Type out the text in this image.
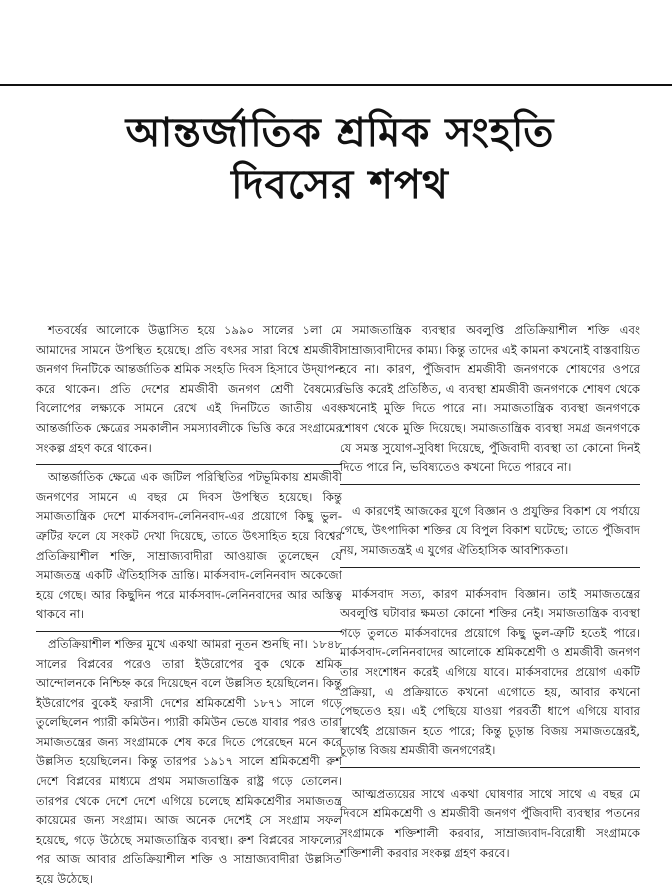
আন্তর্জাতিক শ্রমিক সংহতি
দিবসের শপথ

শতবর্ষের আলোকে উদ্ভাসিত হয়ে ১৯৯০ সালের ১লা মে আমাদের সামনে উপস্থিত হয়েছে। প্রতি বৎসর সারা বিশ্বে শ্রমজীবী জনগণ দিনটিকে আন্তর্জাতিক শ্রমিক সংহতি দিবস হিসাবে উদ্‌যাপন করে থাকেন। প্রতি দেশের শ্রমজীবী জনগণ শ্রেণী বৈষম্যের বিলোপের লক্ষ্যকে সামনে রেখে এই দিনটিতে জাতীয় এবং আন্তর্জাতিক ক্ষেত্রের সমকালীন সমস্যাবলীকে ভিত্তি করে সংগ্রামের সংকল্প গ্রহণ করে থাকেন।

আন্তর্জাতিক ক্ষেত্রে এক জটিল পরিস্থিতির পটভূমিকায় শ্রমজীবী জনগণের সামনে এ বছর মে দিবস উপস্থিত হয়েছে। কিন্তু সমাজতান্ত্রিক দেশে মার্কসবাদ-লেনিনবাদ-এর প্রয়োগে কিছু ভুল-ত্রুটির ফলে যে সংকট দেখা দিয়েছে, তাতে উৎসাহিত হয়ে বিশ্বের প্রতিক্রিয়াশীল শক্তি, সাম্রাজ্যবাদীরা আওয়াজ তুলেছেন যে সমাজতন্ত্র একটি ঐতিহাসিক ভ্রান্তি। মার্কসবাদ-লেনিনবাদ অকেজো হয়ে গেছে। আর কিছুদিন পরে মার্কসবাদ-লেনিনবাদের আর অস্তিত্ব থাকবে না।

প্রতিক্রিয়াশীল শক্তির মুখে একথা আমরা নূতন শুনছি না। ১৮৪৮ সালের বিপ্লবের পরেও তারা ইউরোপের বুক থেকে শ্রমিক আন্দোলনকে নিশ্চিহ্ন করে দিয়েছেন বলে উল্লসিত হয়েছিলেন। কিন্তু ইউরোপের বুকেই ফরাসী দেশের শ্রমিকশ্রেণী ১৮৭১ সালে গড়ে তুলেছিলেন প্যারী কমিউন। প্যারী কমিউন ভেঙে যাবার পরও তারা সমাজতন্ত্রের জন্য সংগ্রামকে শেষ করে দিতে পেরেছেন মনে করে উল্লসিত হয়েছিলেন। কিন্তু তারপর ১৯১৭ সালে শ্রমিকশ্রেণী রুশ দেশে বিপ্লবের মাধ্যমে প্রথম সমাজতান্ত্রিক রাষ্ট্র গড়ে তোলেন। তারপর থেকে দেশে দেশে এগিয়ে চলেছে শ্রমিকশ্রেণীর সমাজতন্ত্র কায়েমের জন্য সংগ্রাম। আজ অনেক দেশেই সে সংগ্রাম সফল হয়েছে, গড়ে উঠেছে সমাজতান্ত্রিক ব্যবস্থা। রুশ বিপ্লবের সাফল্যের পর আজ আবার প্রতিক্রিয়াশীল শক্তি ও সাম্রাজ্যবাদীরা উল্লসিত হয়ে উঠেছে।

সমাজতান্ত্রিক ব্যবস্থার অবলুপ্তি প্রতিক্রিয়াশীল শক্তি এবং সাম্রাজ্যবাদীদের কাম্য। কিন্তু তাদের এই কামনা কখনোই বাস্তবায়িত হবে না। কারণ, পুঁজিবাদ শ্রমজীবী জনগণকে শোষণের ওপরে ভিত্তি করেই প্রতিষ্ঠিত, এ ব্যবস্থা শ্রমজীবী জনগণকে শোষণ থেকে কখনোই মুক্তি দিতে পারে না। সমাজতান্ত্রিক ব্যবস্থা জনগণকে শোষণ থেকে মুক্তি দিয়েছে। সমাজতান্ত্রিক ব্যবস্থা সমগ্র জনগণকে যে সমস্ত সুযোগ-সুবিধা দিয়েছে, পুঁজিবাদী ব্যবস্থা তা কোনো দিনই দিতে পারে নি, ভবিষ্যতেও কখনো দিতে পারবে না।

এ কারণেই আজকের যুগে বিজ্ঞান ও প্রযুক্তির বিকাশ যে পর্যায়ে গেছে, উৎপাদিকা শক্তির যে বিপুল বিকাশ ঘটেছে; তাতে পুঁজিবাদ নয়, সমাজতন্ত্রই এ যুগের ঐতিহাসিক আবশ্যিকতা।

মার্কসবাদ সত্য, কারণ মার্কসবাদ বিজ্ঞান। তাই সমাজতন্ত্রের অবলুপ্তি ঘটাবার ক্ষমতা কোনো শক্তির নেই। সমাজতান্ত্রিক ব্যবস্থা গড়ে তুলতে মার্কসবাদের প্রয়োগে কিছু ভুল-ত্রুটি হতেই পারে। মার্কসবাদ-লেনিনবাদের আলোকে শ্রমিকশ্রেণী ও শ্রমজীবী জনগণ তার সংশোধন করেই এগিয়ে যাবে। মার্কসবাদের প্রয়োগ একটি প্রক্রিয়া, এ প্রক্রিয়াতে কখনো এগোতে হয়, আবার কখনো পেছতেও হয়। এই পেছিয়ে যাওয়া পরবর্তী ধাপে এগিয়ে যাবার স্বার্থেই প্রয়োজন হতে পারে; কিন্তু চূড়ান্ত বিজয় সমাজতন্ত্রেরই, চূড়ান্ত বিজয় শ্রমজীবী জনগণেরই।

আত্মপ্রত্যয়ের সাথে একথা ঘোষণার সাথে সাথে এ বছর মে দিবসে শ্রমিকশ্রেণী ও শ্রমজীবী জনগণ পুঁজিবাদী ব্যবস্থার পতনের সংগ্রামকে শক্তিশালী করবার, সাম্রাজ্যবাদ-বিরোধী সংগ্রামকে শক্তিশালী করবার সংকল্প গ্রহণ করবে।
